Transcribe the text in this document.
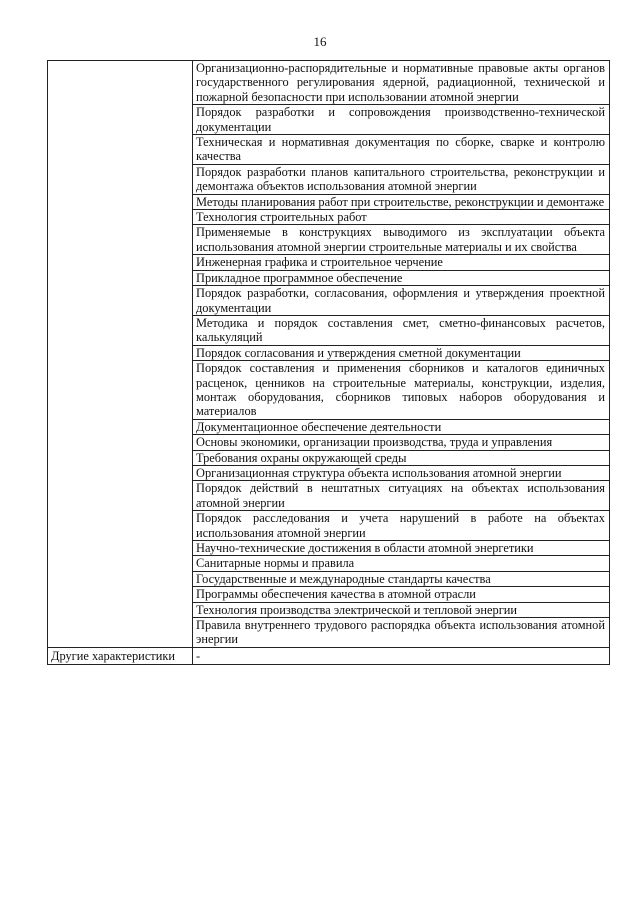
16
	Организационно-распорядительные и нормативные правовые акты органов государственного регулирования ядерной, радиационной, технической и пожарной безопасности при использовании атомной энергии
	Порядок разработки и сопровождения производственно-технической документации
	Техническая и нормативная документация по сборке, сварке и контролю качества
	Порядок разработки планов капитального строительства, реконструкции и демонтажа объектов использования атомной энергии
	Методы планирования работ при строительстве, реконструкции и демонтаже
	Технология строительных работ
	Применяемые в конструкциях выводимого из эксплуатации объекта использования атомной энергии строительные материалы и их свойства
	Инженерная графика и строительное черчение
	Прикладное программное обеспечение
	Порядок разработки, согласования, оформления и утверждения проектной документации
	Методика и порядок составления смет, сметно-финансовых расчетов, калькуляций
	Порядок согласования и утверждения сметной документации
	Порядок составления и применения сборников и каталогов единичных расценок, ценников на строительные материалы, конструкции, изделия, монтаж оборудования, сборников типовых наборов оборудования и материалов
	Документационное обеспечение деятельности
	Основы экономики, организации производства, труда и управления
	Требования охраны окружающей среды
	Организационная структура объекта использования атомной энергии
	Порядок действий в нештатных ситуациях на объектах использования атомной энергии
	Порядок расследования и учета нарушений в работе на объектах использования атомной энергии
	Научно-технические достижения в области атомной энергетики
	Санитарные нормы и правила
	Государственные и международные стандарты качества
	Программы обеспечения качества в атомной отрасли
	Технология производства электрической и тепловой энергии
	Правила внутреннего трудового распорядка объекта использования атомной энергии
Другие характеристики	-
